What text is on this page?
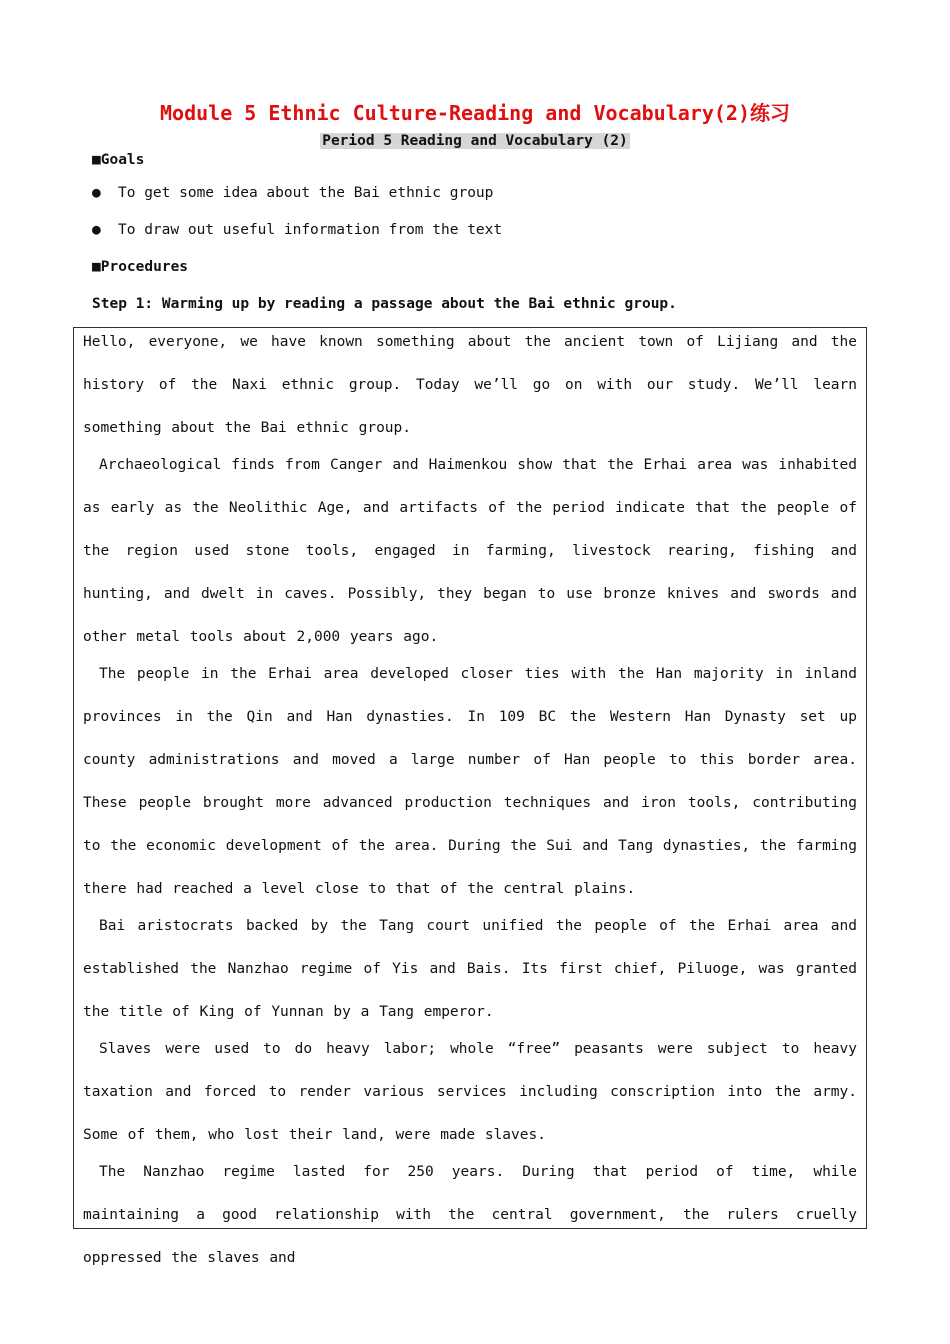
Module 5 Ethnic Culture-Reading and Vocabulary(2)练习
Period 5 Reading and Vocabulary (2)
■Goals
● To get some idea about the Bai ethnic group
● To draw out useful information from the text
■Procedures
Step 1: Warming up by reading a passage about the Bai ethnic group.

Hello, everyone, we have known something about the ancient town of Lijiang and the history of the Naxi ethnic group. Today we’ll go on with our study. We’ll learn something about the Bai ethnic group.

Archaeological finds from Canger and Haimenkou show that the Erhai area was inhabited as early as the Neolithic Age, and artifacts of the period indicate that the people of the region used stone tools, engaged in farming, livestock rearing, fishing and hunting, and dwelt in caves. Possibly, they began to use bronze knives and swords and other metal tools about 2,000 years ago.

The people in the Erhai area developed closer ties with the Han majority in inland provinces in the Qin and Han dynasties. In 109 BC the Western Han Dynasty set up county administrations and moved a large number of Han people to this border area. These people brought more advanced production techniques and iron tools, contributing to the economic development of the area. During the Sui and Tang dynasties, the farming there had reached a level close to that of the central plains.

Bai aristocrats backed by the Tang court unified the people of the Erhai area and established the Nanzhao regime of Yis and Bais. Its first chief, Piluoge, was granted the title of King of Yunnan by a Tang emperor.

Slaves were used to do heavy labor; whole “free” peasants were subject to heavy taxation and forced to render various services including conscription into the army. Some of them, who lost their land, were made slaves.

The Nanzhao regime lasted for 250 years. During that period of time, while maintaining a good relationship with the central government, the rulers cruelly oppressed the slaves and
